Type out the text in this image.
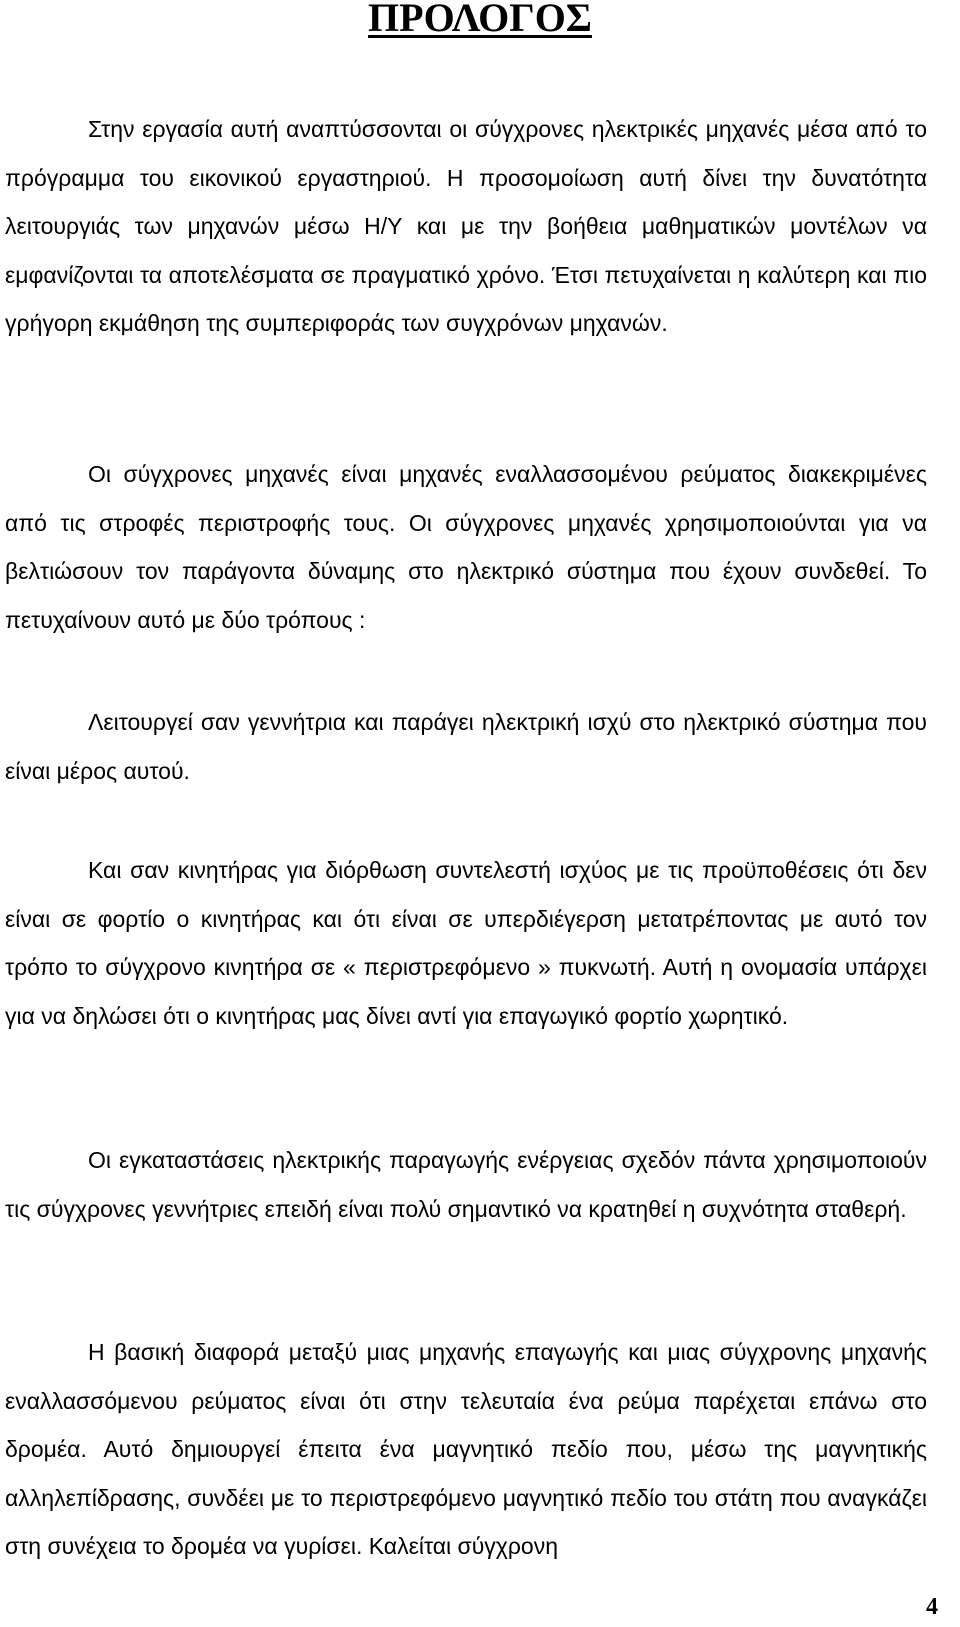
ΠΡΟΛΟΓΟΣ

Στην εργασία αυτή αναπτύσσονται οι σύγχρονες ηλεκτρικές μηχανές μέσα από το πρόγραμμα του εικονικού εργαστηριού. Η προσομοίωση αυτή δίνει την δυνατότητα λειτουργιάς των μηχανών μέσω Η/Υ και με την βοήθεια μαθηματικών μοντέλων να εμφανίζονται τα αποτελέσματα σε πραγματικό χρόνο. Έτσι πετυχαίνεται η καλύτερη και πιο γρήγορη εκμάθηση της συμπεριφοράς των συγχρόνων μηχανών.

Οι σύγχρονες μηχανές είναι μηχανές εναλλασσομένου ρεύματος διακεκριμένες από τις στροφές περιστροφής τους. Οι σύγχρονες μηχανές χρησιμοποιούνται για να βελτιώσουν τον παράγοντα δύναμης στο ηλεκτρικό σύστημα που έχουν συνδεθεί. Το πετυχαίνουν αυτό με δύο τρόπους :

Λειτουργεί σαν γεννήτρια και παράγει ηλεκτρική ισχύ στο ηλεκτρικό σύστημα που είναι μέρος αυτού.

Και σαν κινητήρας για διόρθωση συντελεστή ισχύος με τις προϋποθέσεις ότι δεν είναι σε φορτίο ο κινητήρας και ότι είναι σε υπερδιέγερση μετατρέποντας με αυτό τον τρόπο το σύγχρονο κινητήρα σε « περιστρεφόμενο » πυκνωτή. Αυτή η ονομασία υπάρχει για να δηλώσει ότι ο κινητήρας μας δίνει αντί για επαγωγικό φορτίο χωρητικό.

Οι εγκαταστάσεις ηλεκτρικής παραγωγής ενέργειας σχεδόν πάντα χρησιμοποιούν τις σύγχρονες γεννήτριες επειδή είναι πολύ σημαντικό να κρατηθεί η συχνότητα σταθερή.

Η βασική διαφορά μεταξύ μιας μηχανής επαγωγής και μιας σύγχρονης μηχανής εναλλασσόμενου ρεύματος είναι ότι στην τελευταία ένα ρεύμα παρέχεται επάνω στο δρομέα. Αυτό δημιουργεί έπειτα ένα μαγνητικό πεδίο που, μέσω της μαγνητικής αλληλεπίδρασης, συνδέει με το περιστρεφόμενο μαγνητικό πεδίο του στάτη που αναγκάζει στη συνέχεια το δρομέα να γυρίσει. Καλείται σύγχρονη

4
